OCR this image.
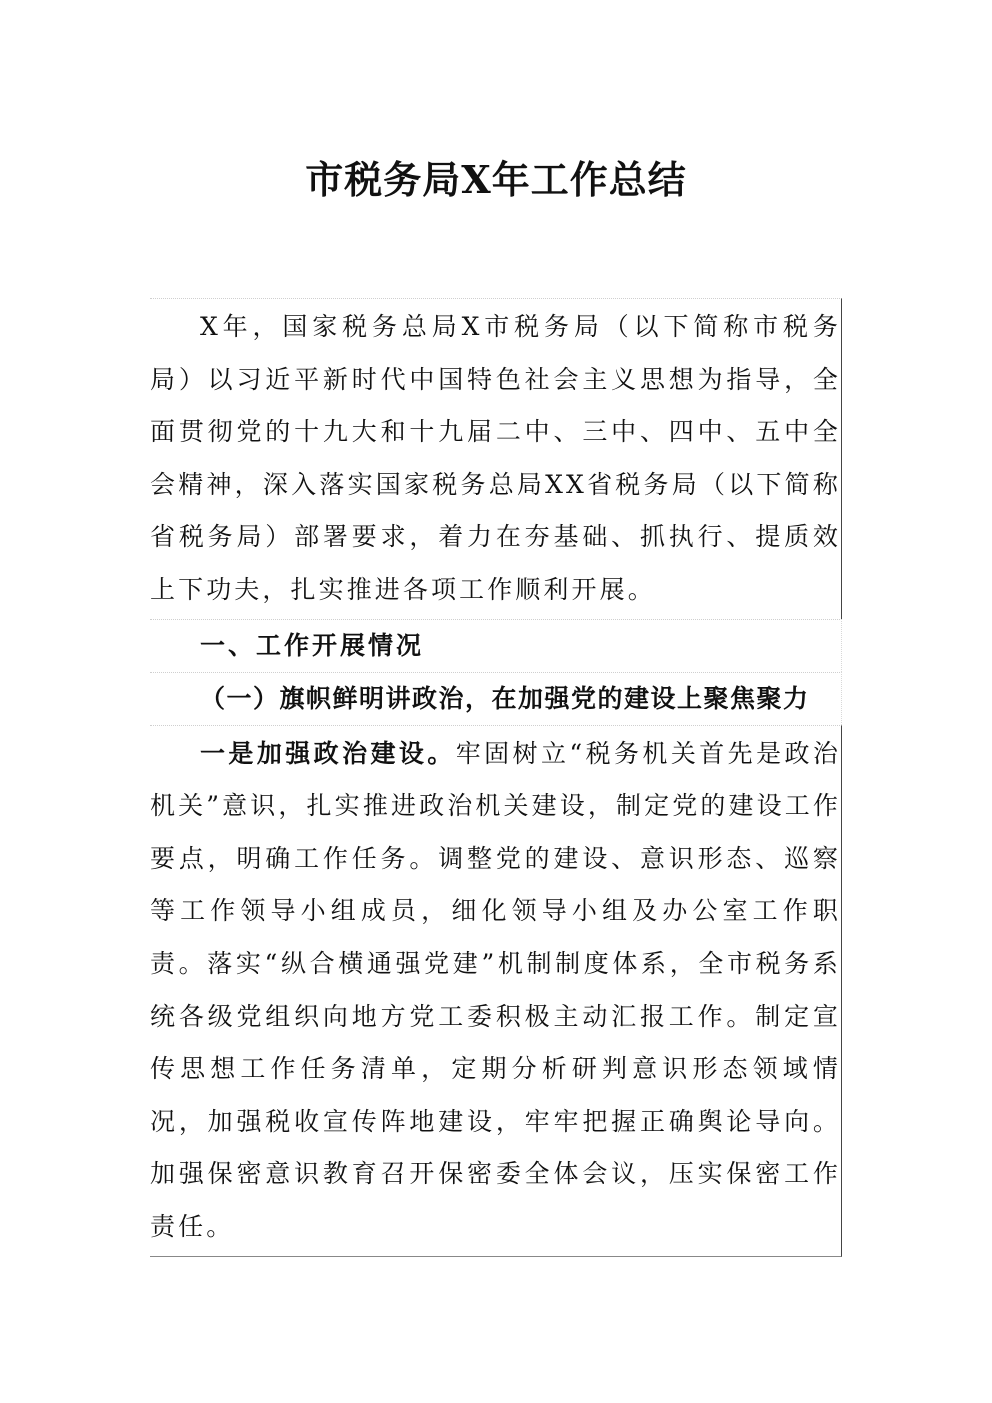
市税务局X年工作总结

X年，国家税务总局X市税务局（以下简称市税务局）以习近平新时代中国特色社会主义思想为指导，全面贯彻党的十九大和十九届二中、三中、四中、五中全会精神，深入落实国家税务总局XX省税务局（以下简称省税务局）部署要求，着力在夯基础、抓执行、提质效上下功夫，扎实推进各项工作顺利开展。

一、工作开展情况
（一）旗帜鲜明讲政治，在加强党的建设上聚焦聚力

一是加强政治建设。牢固树立“税务机关首先是政治机关”意识，扎实推进政治机关建设，制定党的建设工作要点，明确工作任务。调整党的建设、意识形态、巡察等工作领导小组成员，细化领导小组及办公室工作职责。落实“纵合横通强党建”机制制度体系，全市税务系统各级党组织向地方党工委积极主动汇报工作。制定宣传思想工作任务清单，定期分析研判意识形态领域情况，加强税收宣传阵地建设，牢牢把握正确舆论导向。加强保密意识教育召开保密委全体会议，压实保密工作责任。
